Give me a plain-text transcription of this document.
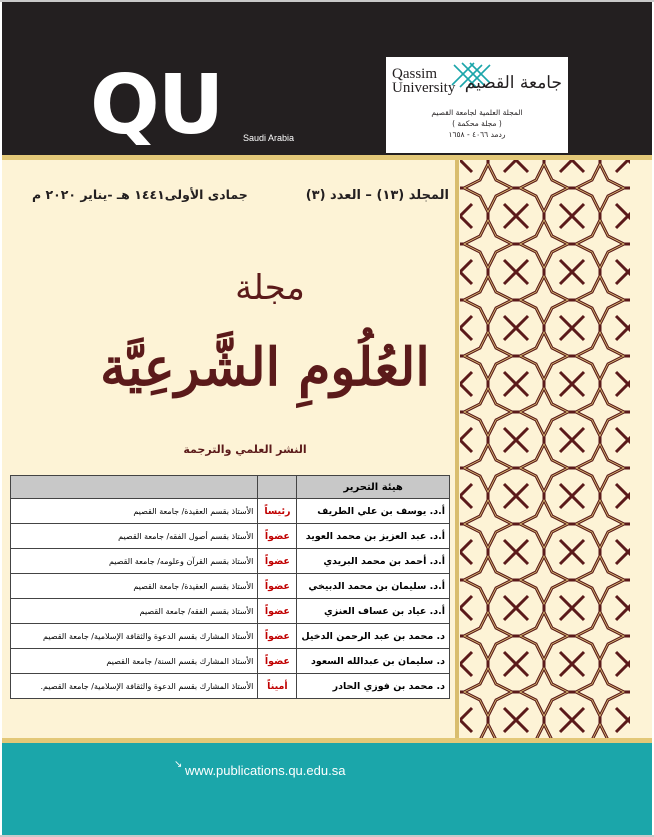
QU Saudi Arabia
Qassim
University جامعة القصيم
المجلة العلمية لجامعة القصيم
( مجلة محكمة )
ردمد ٤٠٦٦ - ١٦٥٨
المجلد (١٣) – العدد (٣)
جمادى الأولى١٤٤١ هـ -يناير ٢٠٢٠ م
مجلة
العُلُومِ الشَّرعِيَّة
النشر العلمي والترجمة
هيئة التحرير		
أ.د. يوسف بن علي الطريف	رئيساً	الأستاذ بقسم العقيدة/ جامعة القصيم
أ.د. عبد العزيز بن محمد العويد	عضواً	الأستاذ بقسم أصول الفقه/ جامعة القصيم
أ.د. أحمد بن محمد البريدي	عضواً	الأستاذ بقسم القرآن وعلومه/ جامعة القصيم
أ.د. سليمان بن محمد الدبيخي	عضواً	الأستاذ بقسم العقيدة/ جامعة القصيم
أ.د. عياد بن عساف العنزي	عضواً	الأستاذ بقسم الفقه/ جامعة القصيم
د. محمد بن عبد الرحمن الدخيل	عضواً	الأستاذ المشارك بقسم الدعوة والثقافة الإسلامية/ جامعة القصيم
د. سليمان بن عبدالله السعود	عضواً	الأستاذ المشارك بقسم السنة/ جامعة القصيم
د. محمد بن فوزي الحادر	أميناً	الأستاذ المشارك بقسم الدعوة والثقافة الإسلامية/ جامعة القصيم.
↘ www.publications.qu.edu.sa
